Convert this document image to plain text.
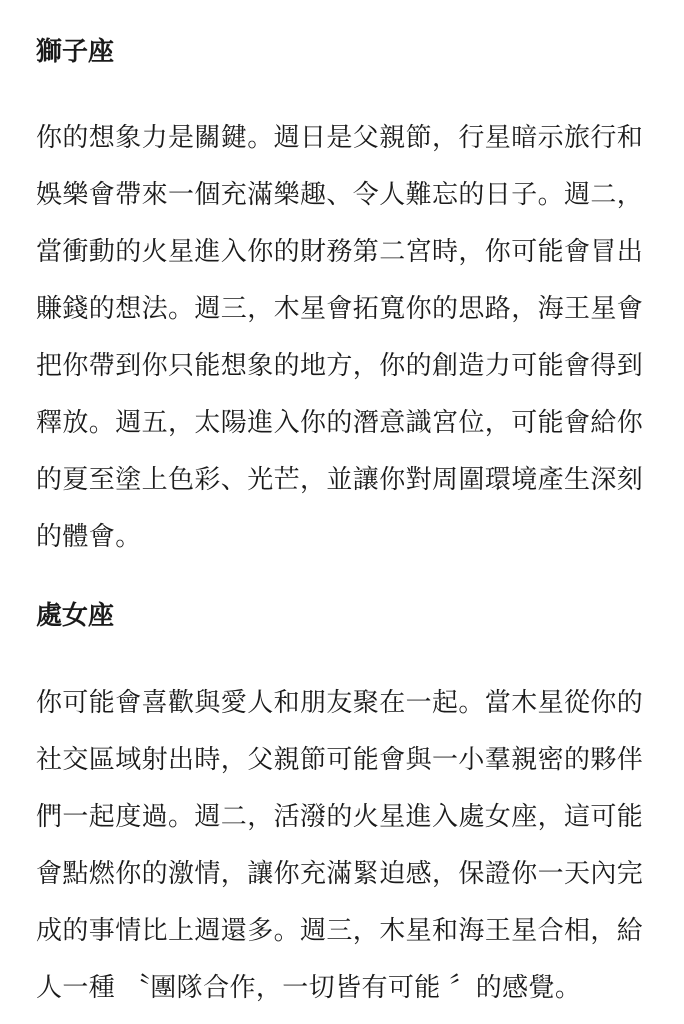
獅子座
你的想象力是關鍵。週日是父親節，行星暗示旅行和
娛樂會帶來一個充滿樂趣、令人難忘的日子。週二，
當衝動的火星進入你的財務第二宮時，你可能會冒出
賺錢的想法。週三，木星會拓寬你的思路，海王星會
把你帶到你只能想象的地方，你的創造力可能會得到
釋放。週五，太陽進入你的潛意識宮位，可能會給你
的夏至塗上色彩、光芒，並讓你對周圍環境產生深刻
的體會。
處女座
你可能會喜歡與愛人和朋友聚在一起。當木星從你的
社交區域射出時，父親節可能會與一小羣親密的夥伴
們一起度過。週二，活潑的火星進入處女座，這可能
會點燃你的激情，讓你充滿緊迫感，保證你一天內完
成的事情比上週還多。週三，木星和海王星合相，給
人一種 〝團隊合作，一切皆有可能 〞的感覺。
